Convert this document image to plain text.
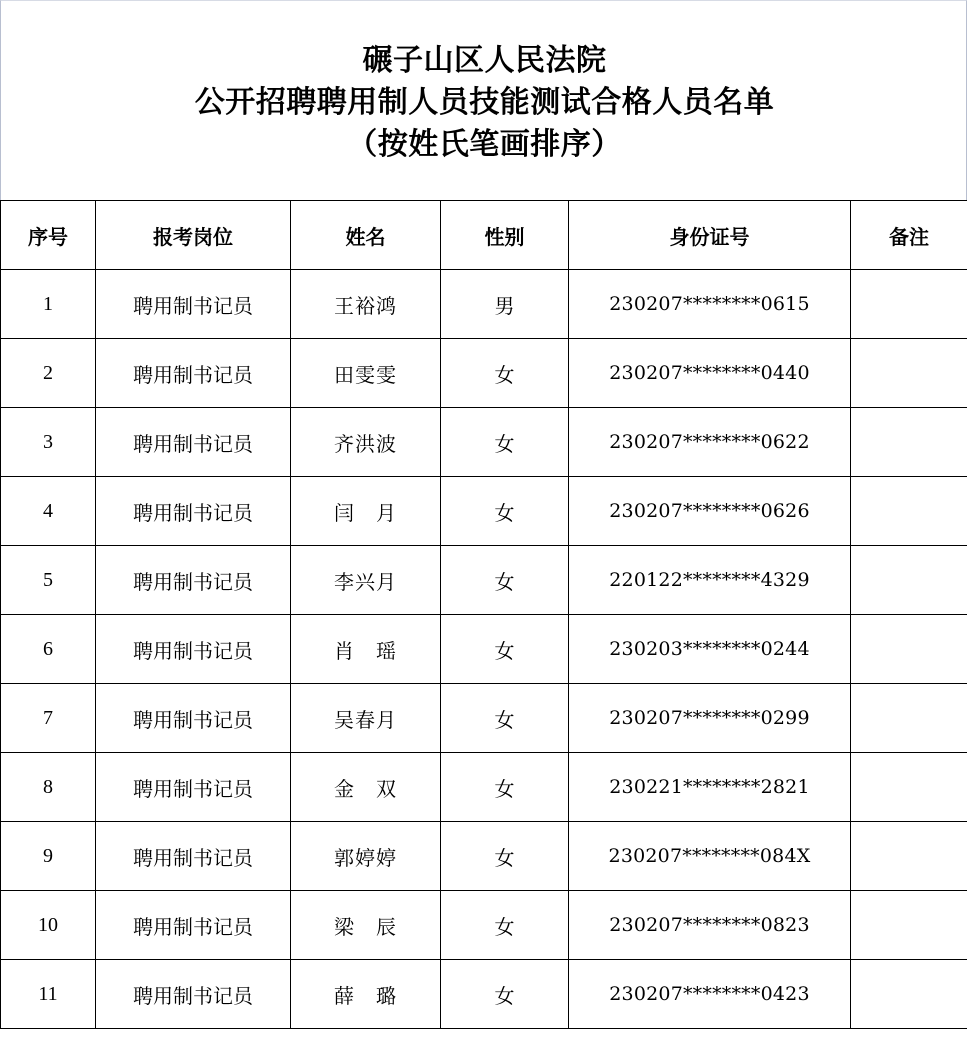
碾子山区人民法院
公开招聘聘用制人员技能测试合格人员名单
（按姓氏笔画排序）
序号	报考岗位	姓名	性别	身份证号	备注
1	聘用制书记员	王裕鸿	男	230207********0615	
2	聘用制书记员	田雯雯	女	230207********0440	
3	聘用制书记员	齐洪波	女	230207********0622	
4	聘用制书记员	闫　月	女	230207********0626	
5	聘用制书记员	李兴月	女	220122********4329	
6	聘用制书记员	肖　瑶	女	230203********0244	
7	聘用制书记员	吴春月	女	230207********0299	
8	聘用制书记员	金　双	女	230221********2821	
9	聘用制书记员	郭婷婷	女	230207********084X	
10	聘用制书记员	梁　辰	女	230207********0823	
11	聘用制书记员	薛　璐	女	230207********0423	
